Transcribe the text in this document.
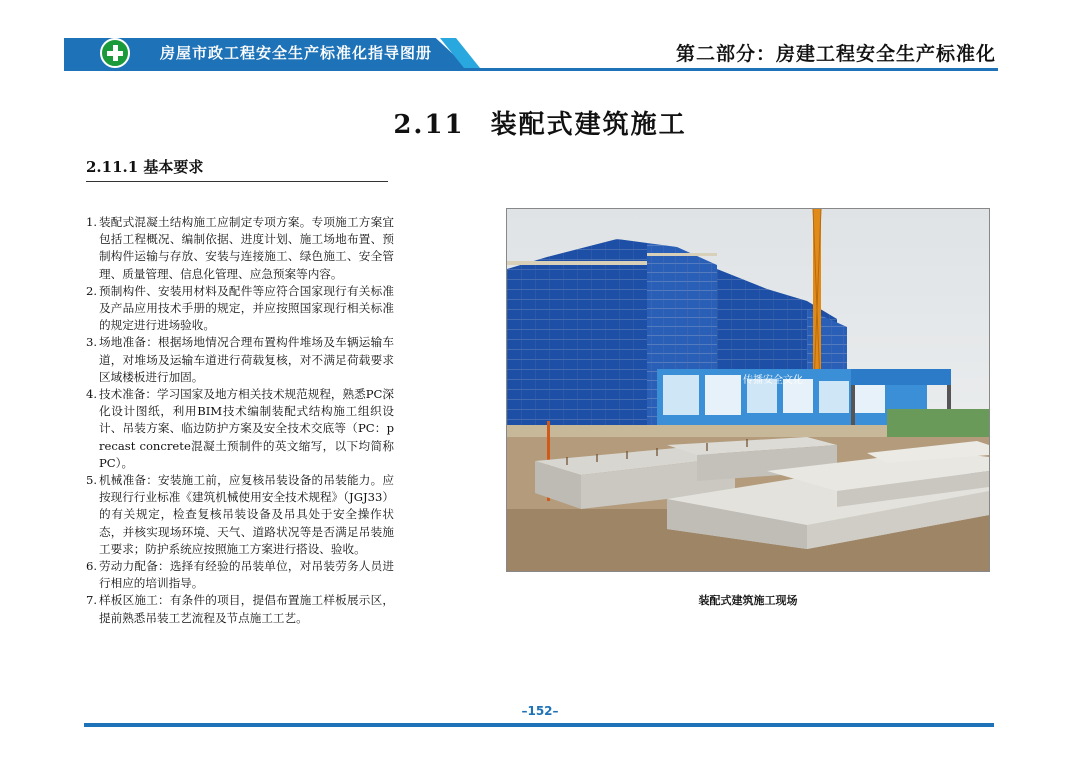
房屋市政工程安全生产标准化指导图册	第二部分：房建工程安全生产标准化
2.11 装配式建筑施工
2.11.1 基本要求
1. 装配式混凝土结构施工应制定专项方案。专项施工方案宜包括工程概况、编制依据、进度计划、施工场地布置、预制构件运输与存放、安装与连接施工、绿色施工、安全管理、质量管理、信息化管理、应急预案等内容。
2. 预制构件、安装用材料及配件等应符合国家现行有关标准及产品应用技术手册的规定，并应按照国家现行相关标准的规定进行进场验收。
3. 场地准备：根据场地情况合理布置构件堆场及车辆运输车道，对堆场及运输车道进行荷载复核，对不满足荷载要求区域楼板进行加固。
4. 技术准备：学习国家及地方相关技术规范规程，熟悉PC深化设计图纸，利用BIM技术编制装配式结构施工组织设计、吊装方案、临边防护方案及安全技术交底等（PC：precast concrete混凝土预制件的英文缩写，以下均简称PC）。
5. 机械准备：安装施工前，应复核吊装设备的吊装能力。应按现行行业标准《建筑机械使用安全技术规程》（JGJ33）的有关规定，检查复核吊装设备及吊具处于安全操作状态，并核实现场环境、天气、道路状况等是否满足吊装施工要求；防护系统应按照施工方案进行搭设、验收。
6. 劳动力配备：选择有经验的吊装单位，对吊装劳务人员进行相应的培训指导。
7. 样板区施工：有条件的项目，提倡布置施工样板展示区，提前熟悉吊装工艺流程及节点施工工艺。
传播安全文化
装配式建筑施工现场
–152–
